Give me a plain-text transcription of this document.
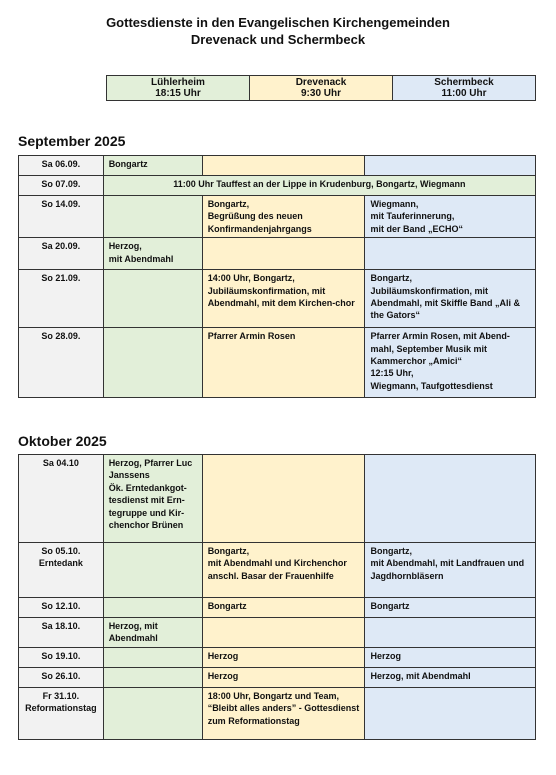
Gottesdienste in den Evangelischen Kirchengemeinden
Drevenack und Schermbeck
Lühlerheim
18:15 Uhr

Drevenack
9:30 Uhr

Schermbeck
11:00 Uhr
September 2025
Sa 06.09.	Bongartz		
So 07.09.	11:00 Uhr Tauffest an der Lippe in Krudenburg, Bongartz, Wiegmann		
So 14.09.		Bongartz,
Begrüßung des neuen Konfirmandenjahrgangs	Wiegmann,
mit Tauferinnerung,
mit der Band „ECHO“
Sa 20.09.	Herzog,
mit Abendmahl		
So 21.09.		14:00 Uhr, Bongartz, Jubiläumskonfirmation, mit Abendmahl, mit dem Kirchen-chor	Bongartz,
Jubiläumskonfirmation, mit Abendmahl, mit Skiffle Band „Ali & the Gators“
So 28.09.		Pfarrer Armin Rosen	Pfarrer Armin Rosen, mit Abend-mahl, September Musik mit Kammerchor „Amici“
12:15 Uhr,
Wiegmann, Taufgottesdienst
Oktober 2025
Sa 04.10	Herzog, Pfarrer Luc Janssens
Ök. Erntedankgot-tesdienst mit Ern-tegruppe und Kir-chenchor Brünen		
So 05.10.
Erntedank		Bongartz,
mit Abendmahl und Kirchenchor
anschl. Basar der Frauenhilfe	Bongartz,
mit Abendmahl, mit Landfrauen und Jagdhornbläsern
So 12.10.		Bongartz	Bongartz
Sa 18.10.	Herzog, mit Abendmahl		
So 19.10.		Herzog	Herzog
So 26.10.		Herzog	Herzog, mit Abendmahl
Fr 31.10.
Reformationstag		18:00 Uhr, Bongartz und Team, “Bleibt alles anders” - Gottesdienst zum Reformationstag	
